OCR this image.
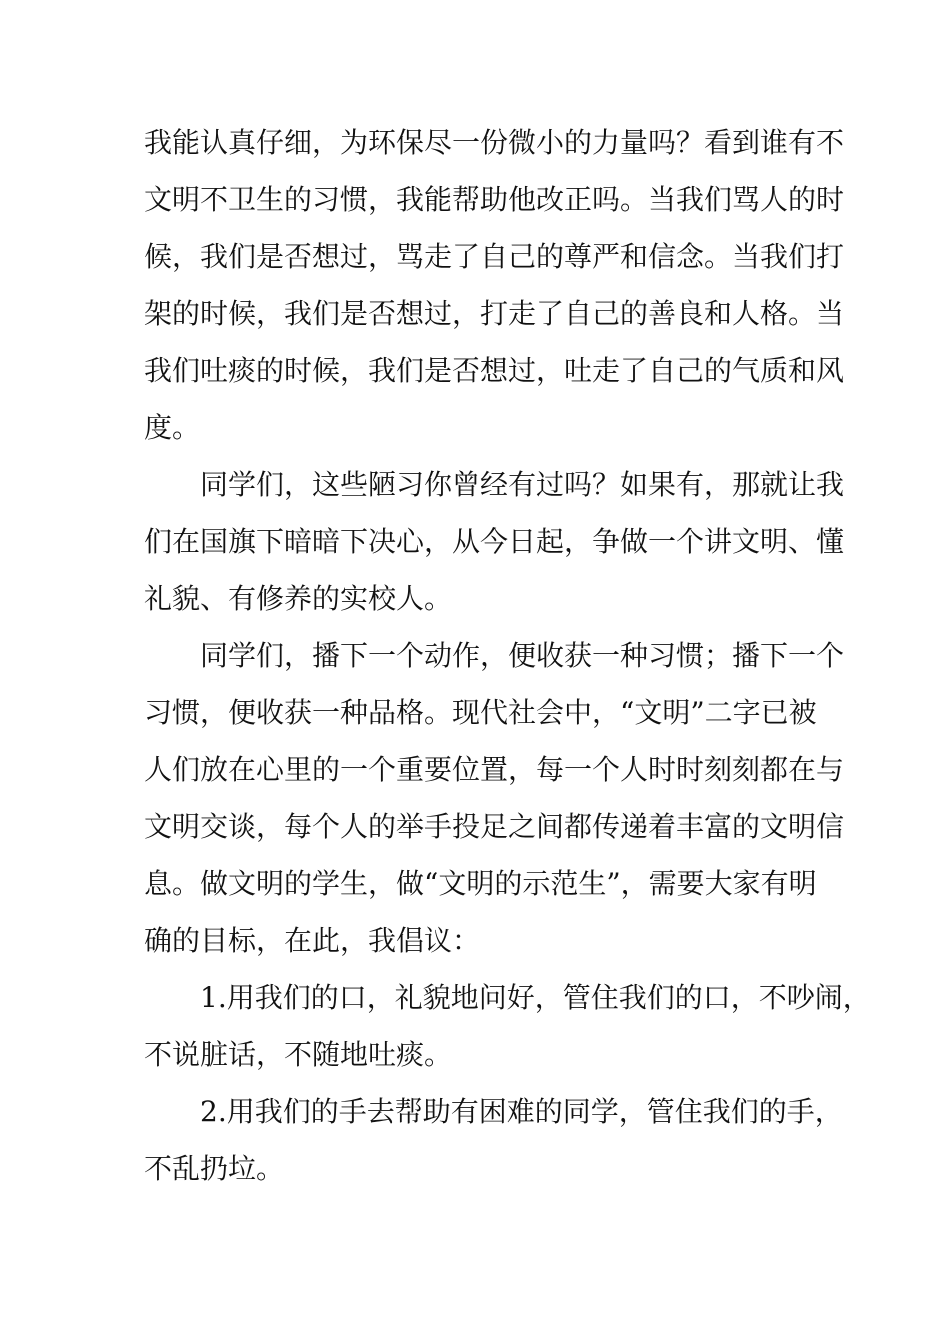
我能认真仔细，为环保尽一份微小的力量吗？看到谁有不
文明不卫生的习惯，我能帮助他改正吗。当我们骂人的时
候，我们是否想过，骂走了自己的尊严和信念。当我们打
架的时候，我们是否想过，打走了自己的善良和人格。当
我们吐痰的时候，我们是否想过，吐走了自己的气质和风
度。

　　同学们，这些陋习你曾经有过吗？如果有，那就让我
们在国旗下暗暗下决心，从今日起，争做一个讲文明、懂
礼貌、有修养的实校人。

　　同学们，播下一个动作，便收获一种习惯；播下一个
习惯，便收获一种品格。现代社会中，“文明”二字已被
人们放在心里的一个重要位置，每一个人时时刻刻都在与
文明交谈，每个人的举手投足之间都传递着丰富的文明信
息。做文明的学生，做“文明的示范生”，需要大家有明
确的目标，在此，我倡议：

　　1.用我们的口，礼貌地问好，管住我们的口，不吵闹，
不说脏话，不随地吐痰。

　　2.用我们的手去帮助有困难的同学，管住我们的手，
不乱扔垃。
